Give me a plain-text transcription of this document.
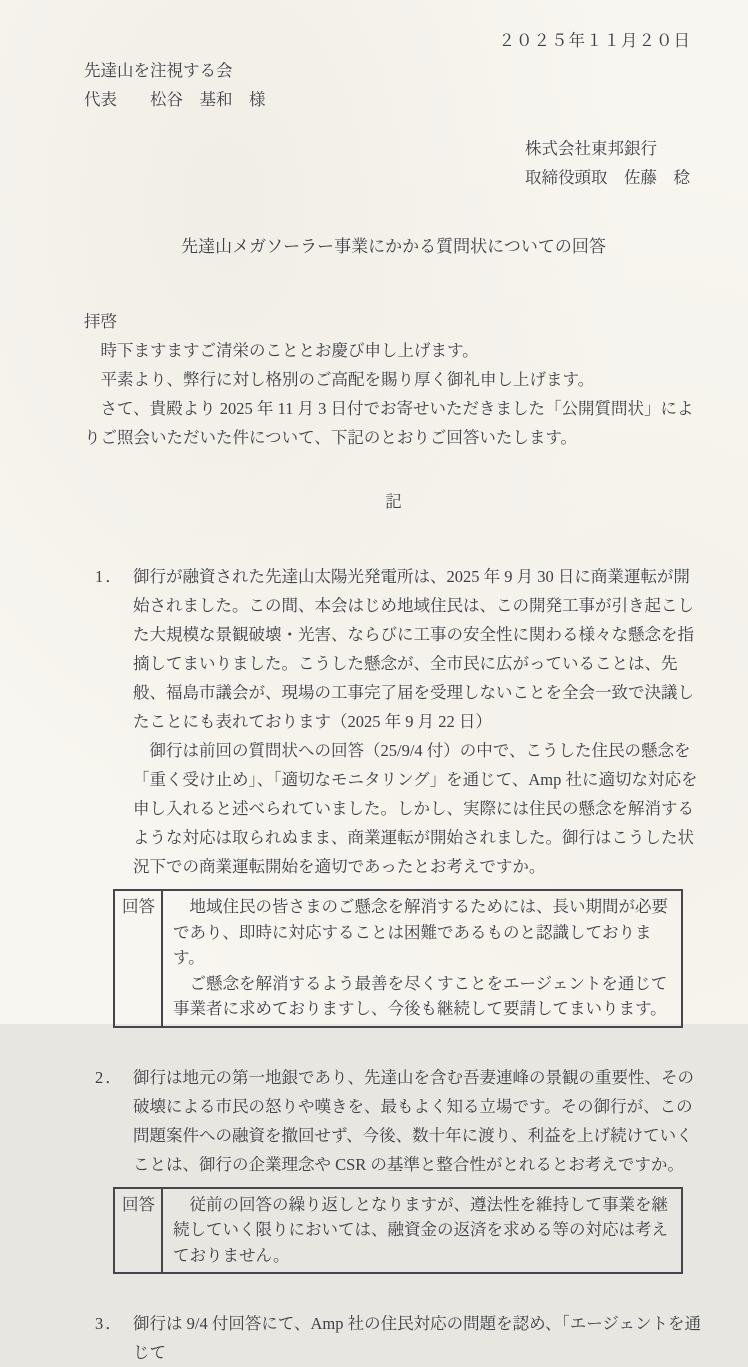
２０２５年１１月２０日
先達山を注視する会
代表　　松谷　基和　様
株式会社東邦銀行
取締役頭取　佐藤　稔
先達山メガソーラー事業にかかる質問状についての回答
拝啓

時下ますますご清栄のこととお慶び申し上げます。

平素より、弊行に対し格別のご高配を賜り厚く御礼申し上げます。

さて、貴殿より 2025 年 11 月 3 日付でお寄せいただきました「公開質問状」によりご照会いただいた件について、下記のとおりご回答いたします。

記
1． 御行が融資された先達山太陽光発電所は、2025 年 9 月 30 日に商業運転が開始されました。この間、本会はじめ地域住民は、この開発工事が引き起こした大規模な景観破壊・光害、ならびに工事の安全性に関わる様々な懸念を指摘してまいりました。こうした懸念が、全市民に広がっていることは、先般、福島市議会が、現場の工事完了届を受理しないことを全会一致で決議したことにも表れております（2025 年 9 月 22 日）

御行は前回の質問状への回答（25/9/4 付）の中で、こうした住民の懸念を「重く受け止め」、「適切なモニタリング」を通じて、Amp 社に適切な対応を申し入れると述べられていました。しかし、実際には住民の懸念を解消するような対応は取られぬまま、商業運転が開始されました。御行はこうした状況下での商業運転開始を適切であったとお考えですか。

回答	地域住民の皆さまのご懸念を解消するためには、長い期間が必要であり、即時に対応することは困難であるものと認識しております。

ご懸念を解消するよう最善を尽くすことをエージェントを通じて事業者に求めておりますし、今後も継続して要請してまいります。

2． 御行は地元の第一地銀であり、先達山を含む吾妻連峰の景観の重要性、その破壊による市民の怒りや嘆きを、最もよく知る立場です。その御行が、この問題案件への融資を撤回せず、今後、数十年に渡り、利益を上げ続けていくことは、御行の企業理念や CSR の基準と整合性がとれるとお考えですか。

回答	従前の回答の繰り返しとなりますが、遵法性を維持して事業を継続していく限りにおいては、融資金の返済を求める等の対応は考えておりません。

3． 御行は 9/4 付回答にて、Amp 社の住民対応の問題を認め、「エージェントを通じて
